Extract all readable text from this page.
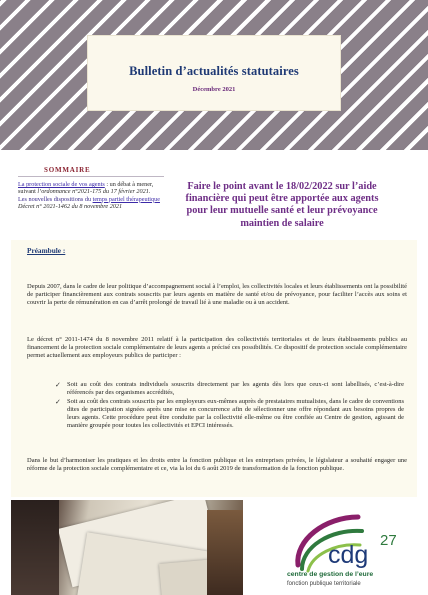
Bulletin d’actualités statutaires
Décembre 2021
SOMMAIRE
La protection sociale de vos agents : un débat à mener, suivant l’ordonnance n°2021-175 du 17 février 2021.
Les nouvelles dispositions du temps partiel thérapeutique Décret n° 2021-1462 du 8 novembre 2021
Faire le point avant le 18/02/2022 sur l’aide financière qui peut être apportée aux agents pour leur mutuelle santé et leur prévoyance maintien de salaire
Préambule :
Depuis 2007, dans le cadre de leur politique d’accompagnement social à l’emploi, les collectivités locales et leurs établissements ont la possibilité de participer financièrement aux contrats souscrits par leurs agents en matière de santé et/ou de prévoyance, pour faciliter l’accès aux soins et couvrir la perte de rémunération en cas d’arrêt prolongé de travail lié à une maladie ou à un accident.
Le décret n° 2011-1474 du 8 novembre 2011 relatif à la participation des collectivités territoriales et de leurs établissements publics au financement de la protection sociale complémentaire de leurs agents a précisé ces possibilités. Ce dispositif de protection sociale complémentaire permet actuellement aux employeurs publics de participer :
✓ Soit au coût des contrats individuels souscrits directement par les agents dès lors que ceux-ci sont labellisés, c’est-à-dire référencés par des organismes accrédités,
✓ Soit au coût des contrats souscrits par les employeurs eux-mêmes auprès de prestataires mutualistes, dans le cadre de conventions dites de participation signées après une mise en concurrence afin de sélectionner une offre répondant aux besoins propres de leurs agents. Cette procédure peut être conduite par la collectivité elle-même ou être confiée au Centre de gestion, agissant de manière groupée pour toutes les collectivités et EPCI intéressés.
Dans le but d’harmoniser les pratiques et les droits entre la fonction publique et les entreprises privées, le législateur a souhaité engager une réforme de la protection sociale complémentaire et ce, via la loi du 6 août 2019 de transformation de la fonction publique.
cdg
27
centre de gestion de l’eure
fonction publique territoriale
